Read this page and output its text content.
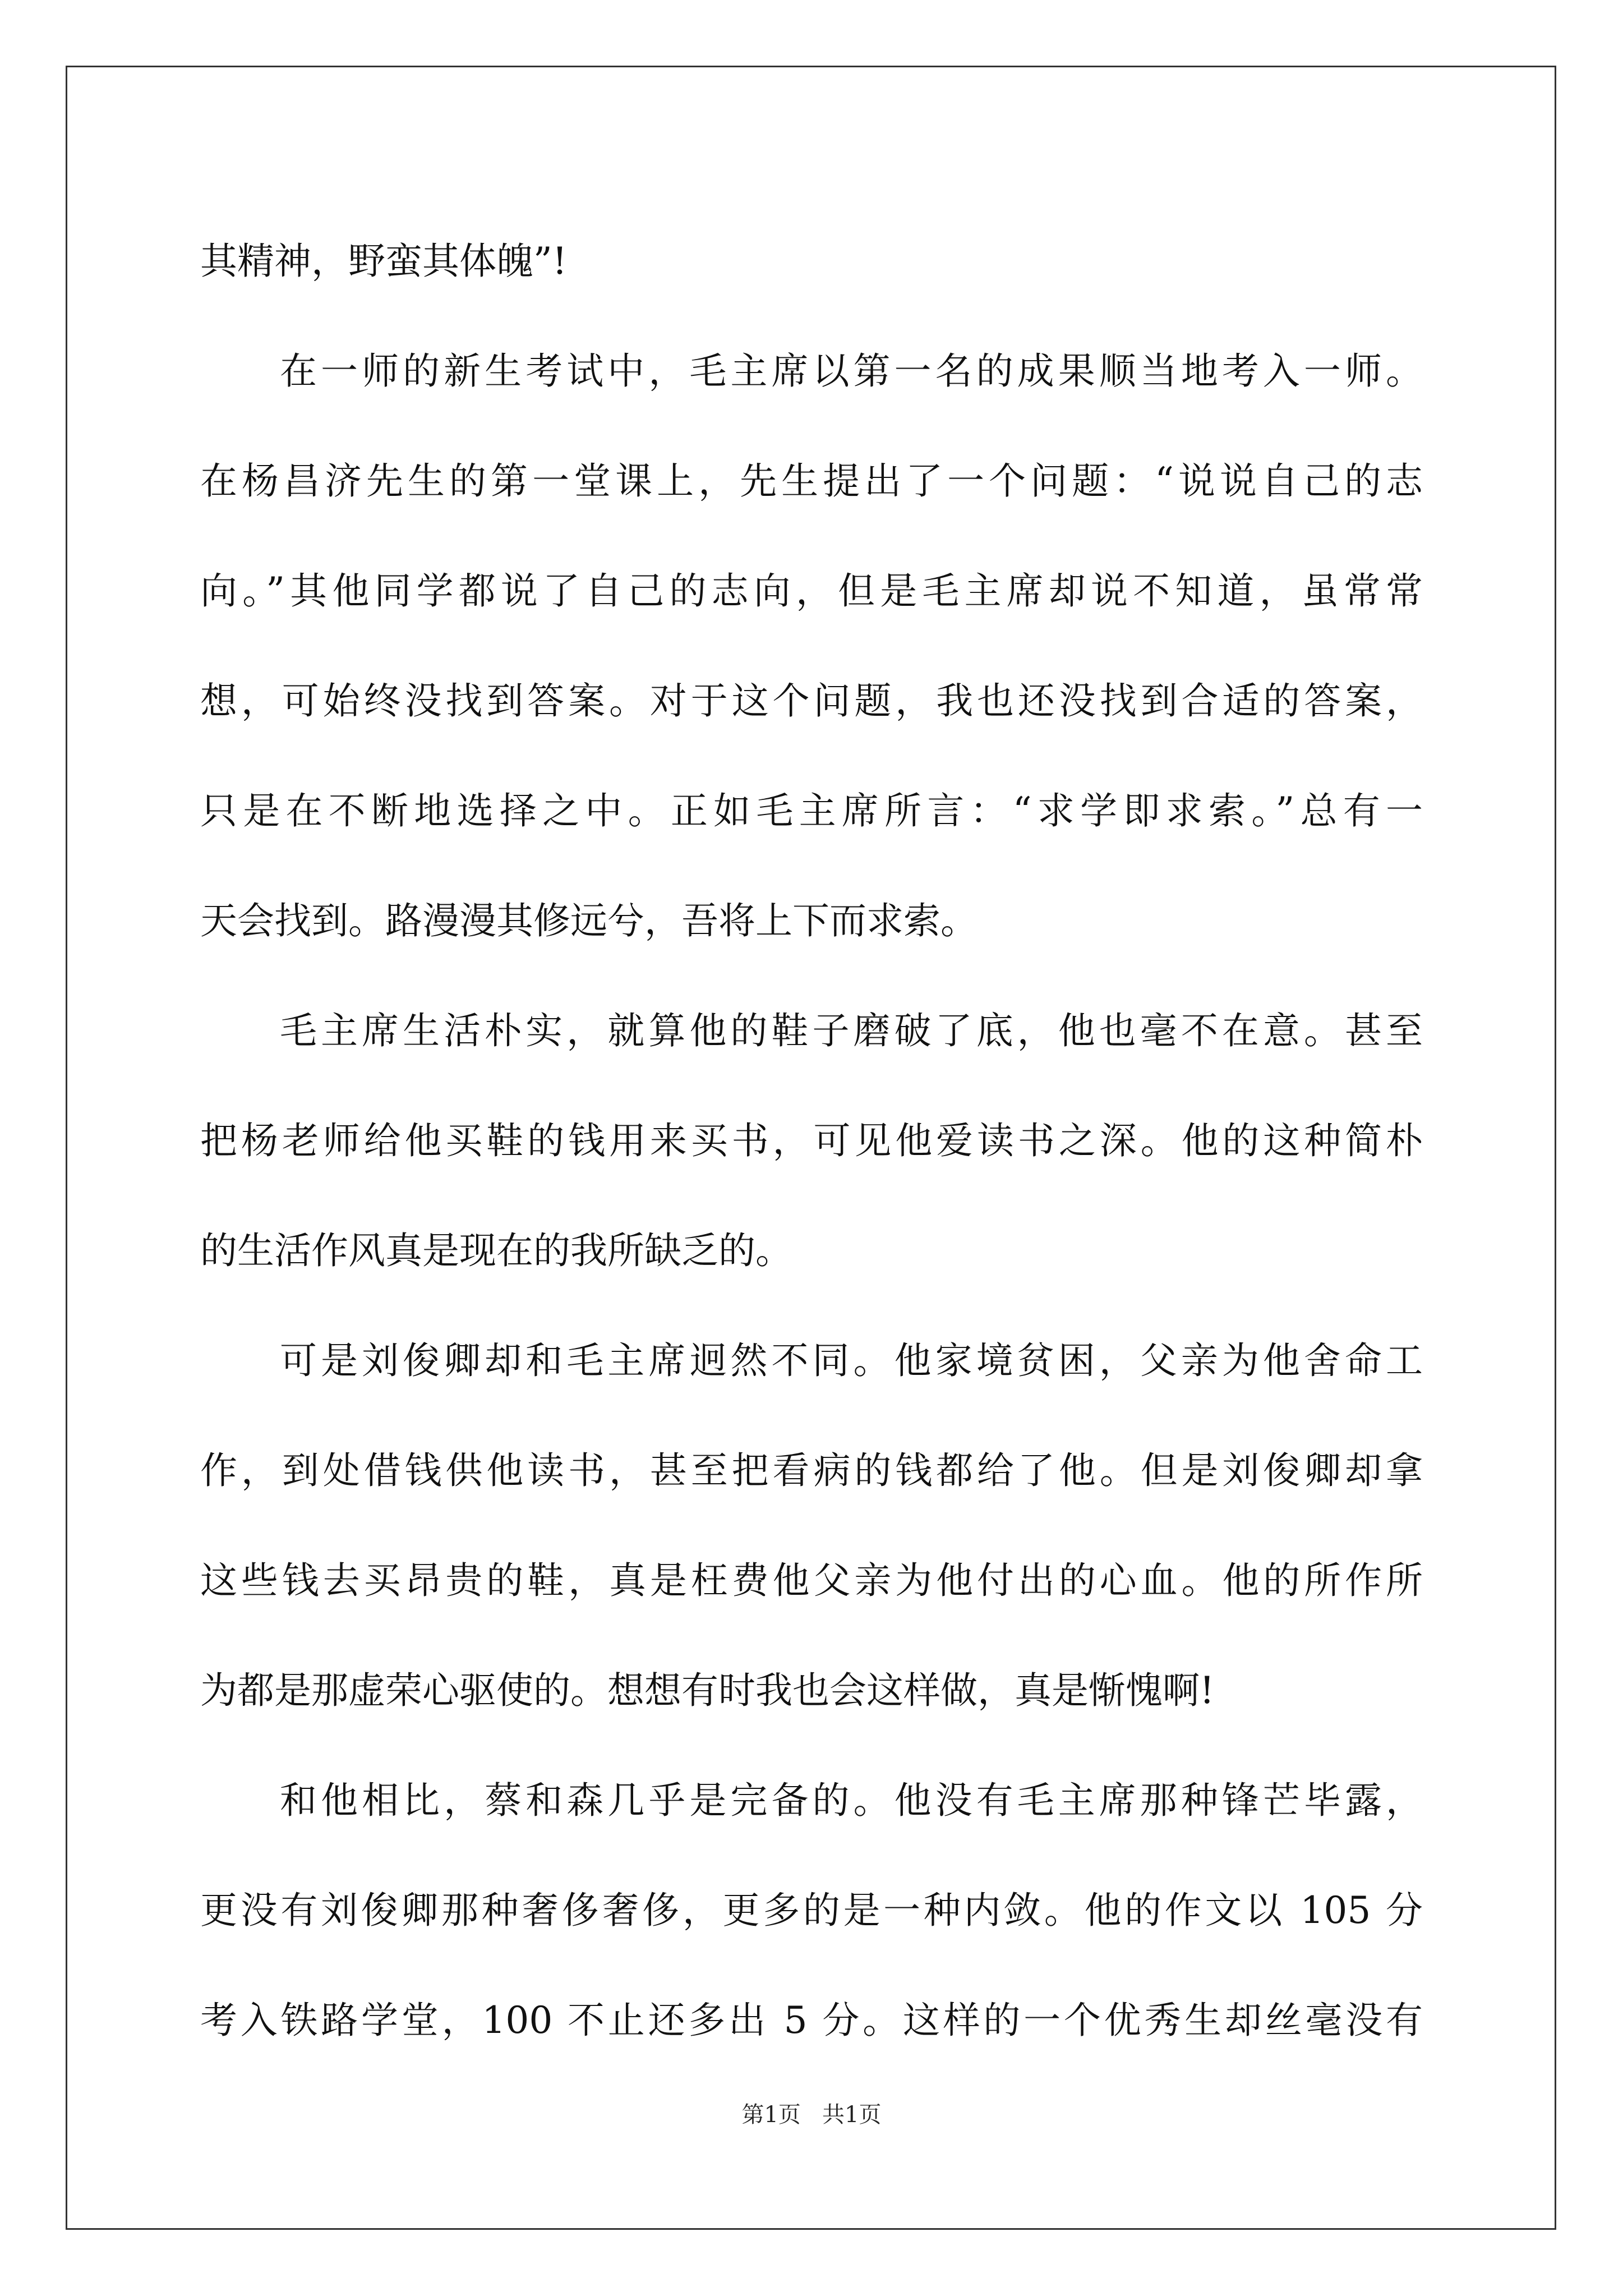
其精神，野蛮其体魄”!
在一师的新生考试中，毛主席以第一名的成果顺当地考入一师。
在杨昌济先生的第一堂课上，先生提出了一个问题：“说说自己的志
向。”其他同学都说了自己的志向，但是毛主席却说不知道，虽常常
想，可始终没找到答案。对于这个问题，我也还没找到合适的答案，
只是在不断地选择之中。正如毛主席所言：“求学即求索。”总有一
天会找到。路漫漫其修远兮，吾将上下而求索。
毛主席生活朴实，就算他的鞋子磨破了底，他也毫不在意。甚至
把杨老师给他买鞋的钱用来买书，可见他爱读书之深。他的这种简朴
的生活作风真是现在的我所缺乏的。
可是刘俊卿却和毛主席迥然不同。他家境贫困，父亲为他舍命工
作，到处借钱供他读书，甚至把看病的钱都给了他。但是刘俊卿却拿
这些钱去买昂贵的鞋，真是枉费他父亲为他付出的心血。他的所作所
为都是那虚荣心驱使的。想想有时我也会这样做，真是惭愧啊!
和他相比，蔡和森几乎是完备的。他没有毛主席那种锋芒毕露，
更没有刘俊卿那种奢侈奢侈，更多的是一种内敛。他的作文以 105 分
考入铁路学堂，100 不止还多出 5 分。这样的一个优秀生却丝毫没有
第1页   共1页
